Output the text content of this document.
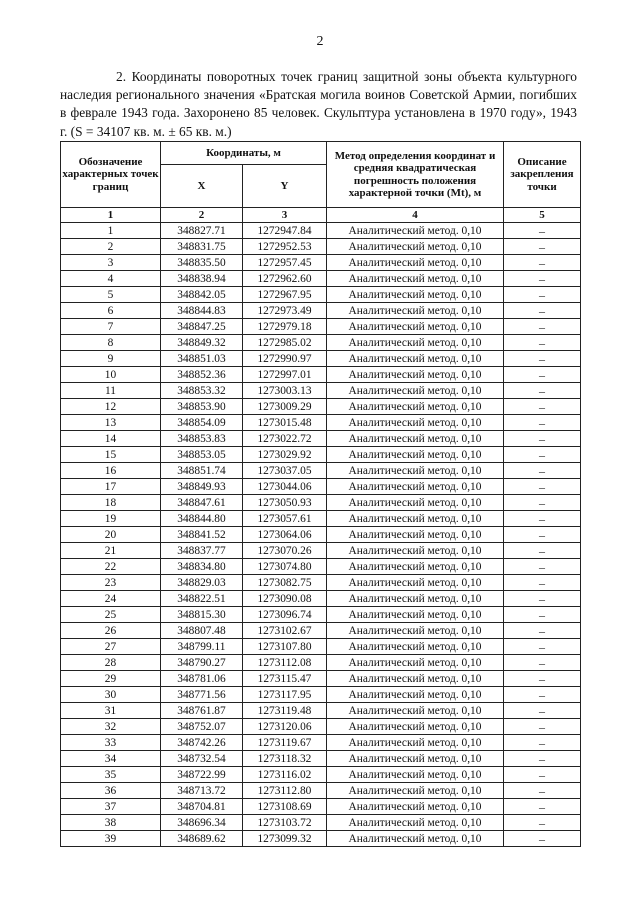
2
2. Координаты поворотных точек границ защитной зоны объекта культурного наследия регионального значения «Братская могила воинов Советской Армии, погибших в феврале 1943 года. Захоронено 85 человек. Скульптура установлена в 1970 году», 1943 г. (S = 34107 кв. м. ± 65 кв. м.)
Обозначение характерных точек границ	Координаты, м		Метод определения координат и средняя квадратическая погрешность положения характерной точки (Мt), м	Описание закрепления точки
	X	Y		
1	2	3	4	5
1	348827.71	1272947.84	Аналитический метод. 0,10	–
2	348831.75	1272952.53	Аналитический метод. 0,10	–
3	348835.50	1272957.45	Аналитический метод. 0,10	–
4	348838.94	1272962.60	Аналитический метод. 0,10	–
5	348842.05	1272967.95	Аналитический метод. 0,10	–
6	348844.83	1272973.49	Аналитический метод. 0,10	–
7	348847.25	1272979.18	Аналитический метод. 0,10	–
8	348849.32	1272985.02	Аналитический метод. 0,10	–
9	348851.03	1272990.97	Аналитический метод. 0,10	–
10	348852.36	1272997.01	Аналитический метод. 0,10	–
11	348853.32	1273003.13	Аналитический метод. 0,10	–
12	348853.90	1273009.29	Аналитический метод. 0,10	–
13	348854.09	1273015.48	Аналитический метод. 0,10	–
14	348853.83	1273022.72	Аналитический метод. 0,10	–
15	348853.05	1273029.92	Аналитический метод. 0,10	–
16	348851.74	1273037.05	Аналитический метод. 0,10	–
17	348849.93	1273044.06	Аналитический метод. 0,10	–
18	348847.61	1273050.93	Аналитический метод. 0,10	–
19	348844.80	1273057.61	Аналитический метод. 0,10	–
20	348841.52	1273064.06	Аналитический метод. 0,10	–
21	348837.77	1273070.26	Аналитический метод. 0,10	–
22	348834.80	1273074.80	Аналитический метод. 0,10	–
23	348829.03	1273082.75	Аналитический метод. 0,10	–
24	348822.51	1273090.08	Аналитический метод. 0,10	–
25	348815.30	1273096.74	Аналитический метод. 0,10	–
26	348807.48	1273102.67	Аналитический метод. 0,10	–
27	348799.11	1273107.80	Аналитический метод. 0,10	–
28	348790.27	1273112.08	Аналитический метод. 0,10	–
29	348781.06	1273115.47	Аналитический метод. 0,10	–
30	348771.56	1273117.95	Аналитический метод. 0,10	–
31	348761.87	1273119.48	Аналитический метод. 0,10	–
32	348752.07	1273120.06	Аналитический метод. 0,10	–
33	348742.26	1273119.67	Аналитический метод. 0,10	–
34	348732.54	1273118.32	Аналитический метод. 0,10	–
35	348722.99	1273116.02	Аналитический метод. 0,10	–
36	348713.72	1273112.80	Аналитический метод. 0,10	–
37	348704.81	1273108.69	Аналитический метод. 0,10	–
38	348696.34	1273103.72	Аналитический метод. 0,10	–
39	348689.62	1273099.32	Аналитический метод. 0,10	–
